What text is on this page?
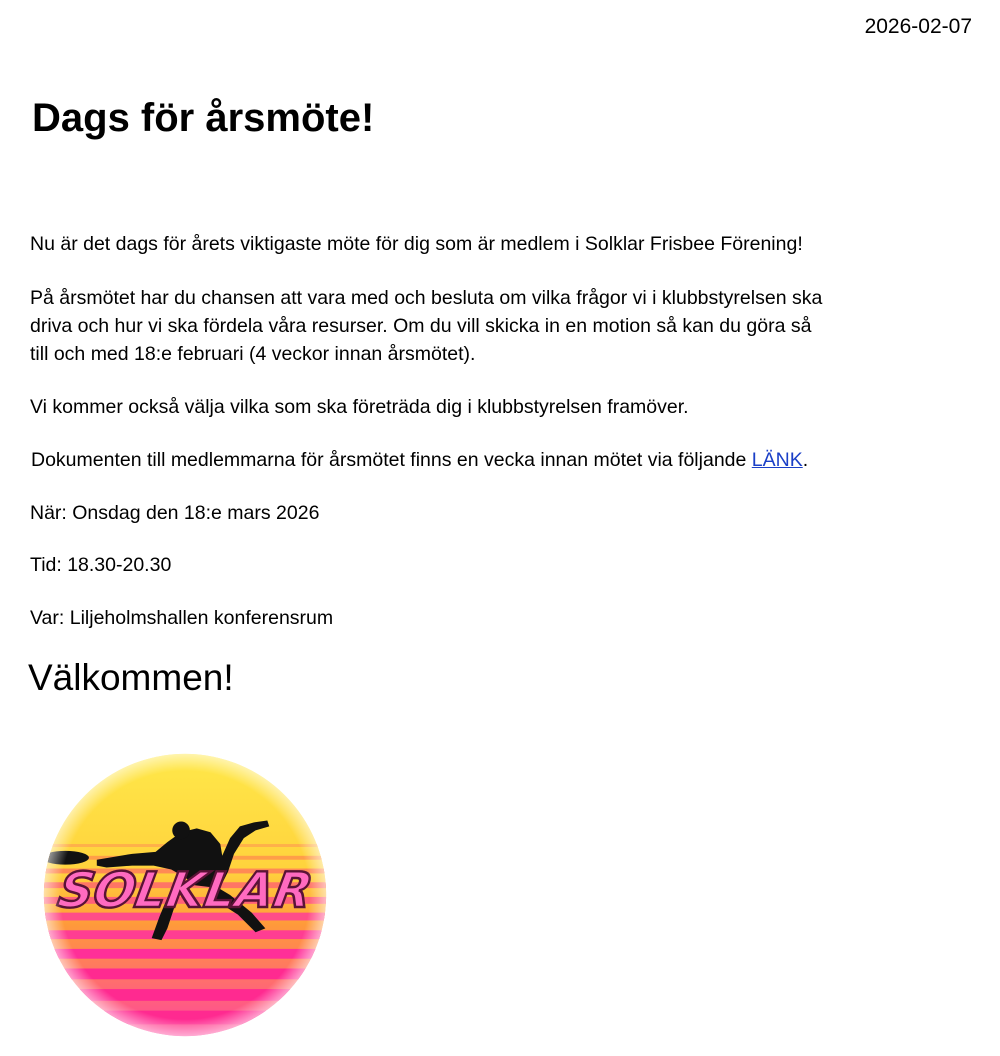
2026-02-07
Dags för årsmöte!

Nu är det dags för årets viktigaste möte för dig som är medlem i Solklar Frisbee Förening!

På årsmötet har du chansen att vara med och besluta om vilka frågor vi i klubbstyrelsen ska
driva och hur vi ska fördela våra resurser. Om du vill skicka in en motion så kan du göra så
till och med 18:e februari (4 veckor innan årsmötet).

Vi kommer också välja vilka som ska företräda dig i klubbstyrelsen framöver.

Dokumenten till medlemmarna för årsmötet finns en vecka innan mötet via följande LÄNK.

När: Onsdag den 18:e mars 2026

Tid: 18.30-20.30

Var: Liljeholmshallen konferensrum

Välkommen!
